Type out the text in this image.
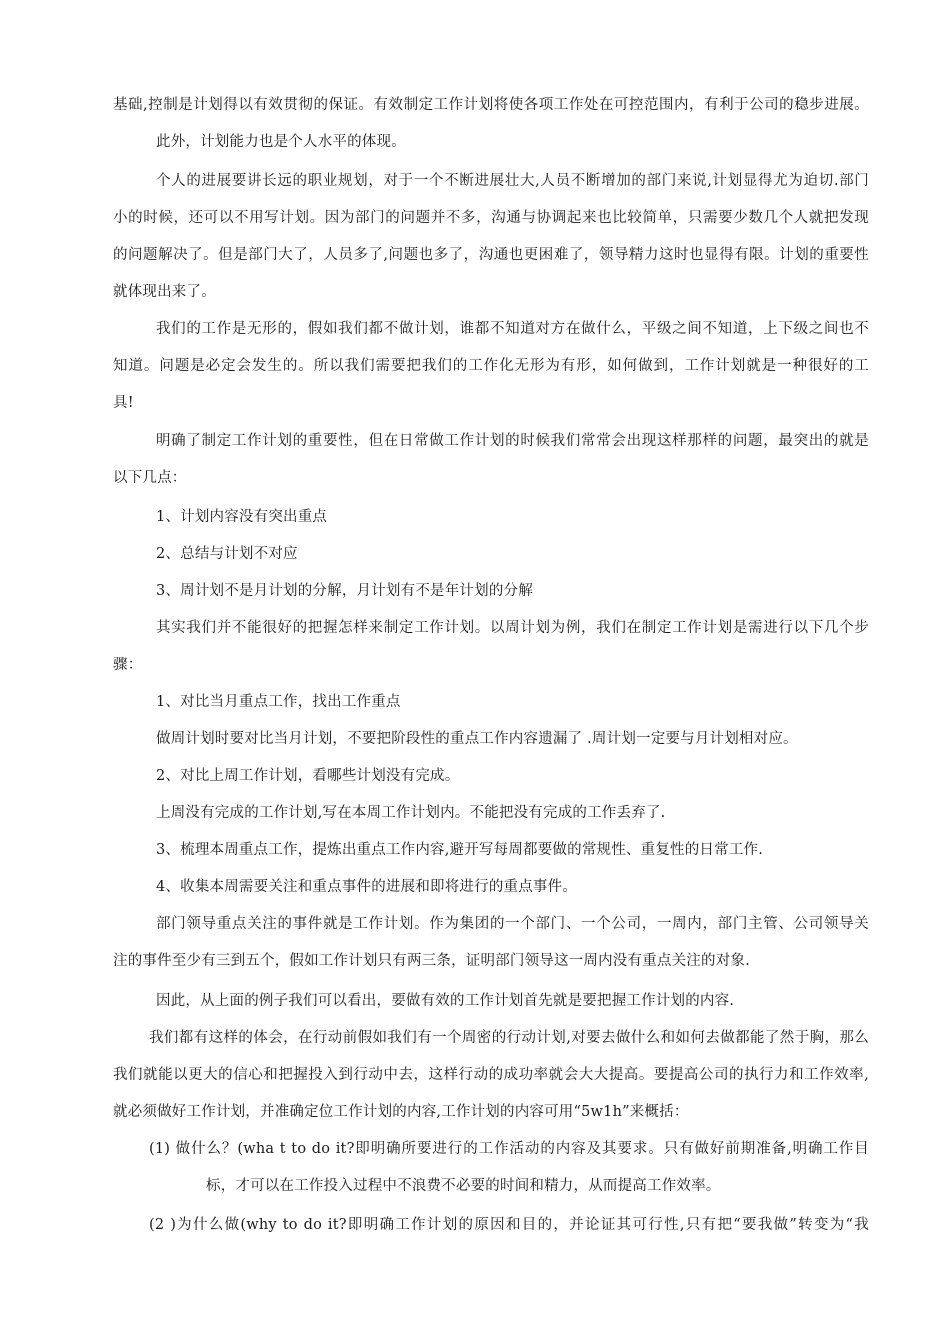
基础,控制是计划得以有效贯彻的保证。有效制定工作计划将使各项工作处在可控范围内，有利于公司的稳步进展。
此外，计划能力也是个人水平的体现。
个人的进展要讲长远的职业规划，对于一个不断进展壮大,人员不断增加的部门来说,计划显得尤为迫切.部门
小的时候，还可以不用写计划。因为部门的问题并不多，沟通与协调起来也比较简单，只需要少数几个人就把发现
的问题解决了。但是部门大了，人员多了,问题也多了，沟通也更困难了，领导精力这时也显得有限。计划的重要性
就体现出来了。
我们的工作是无形的，假如我们都不做计划，谁都不知道对方在做什么，平级之间不知道，上下级之间也不
知道。问题是必定会发生的。所以我们需要把我们的工作化无形为有形，如何做到，工作计划就是一种很好的工
具!
明确了制定工作计划的重要性，但在日常做工作计划的时候我们常常会出现这样那样的问题，最突出的就是
以下几点：
1、计划内容没有突出重点
2、总结与计划不对应
3、周计划不是月计划的分解，月计划有不是年计划的分解
其实我们并不能很好的把握怎样来制定工作计划。以周计划为例，我们在制定工作计划是需进行以下几个步
骤：
1、对比当月重点工作，找出工作重点
做周计划时要对比当月计划，不要把阶段性的重点工作内容遗漏了 .周计划一定要与月计划相对应。
2、对比上周工作计划，看哪些计划没有完成。
上周没有完成的工作计划,写在本周工作计划内。不能把没有完成的工作丢弃了.
3、梳理本周重点工作，提炼出重点工作内容,避开写每周都要做的常规性、重复性的日常工作.
4、收集本周需要关注和重点事件的进展和即将进行的重点事件。
部门领导重点关注的事件就是工作计划。作为集团的一个部门、一个公司，一周内，部门主管、公司领导关
注的事件至少有三到五个，假如工作计划只有两三条，证明部门领导这一周内没有重点关注的对象.
因此，从上面的例子我们可以看出，要做有效的工作计划首先就是要把握工作计划的内容.
我们都有这样的体会，在行动前假如我们有一个周密的行动计划,对要去做什么和如何去做都能了然于胸，那么
我们就能以更大的信心和把握投入到行动中去，这样行动的成功率就会大大提高。要提高公司的执行力和工作效率,
就必须做好工作计划，并准确定位工作计划的内容,工作计划的内容可用“5w1h”来概括：
(1) 做什么？(wha t to do it?即明确所要进行的工作活动的内容及其要求。只有做好前期准备,明确工作目
标，才可以在工作投入过程中不浪费不必要的时间和精力，从而提高工作效率。
(2 )为什么做(why to do it?即明确工作计划的原因和目的，并论证其可行性,只有把“要我做”转变为“我
